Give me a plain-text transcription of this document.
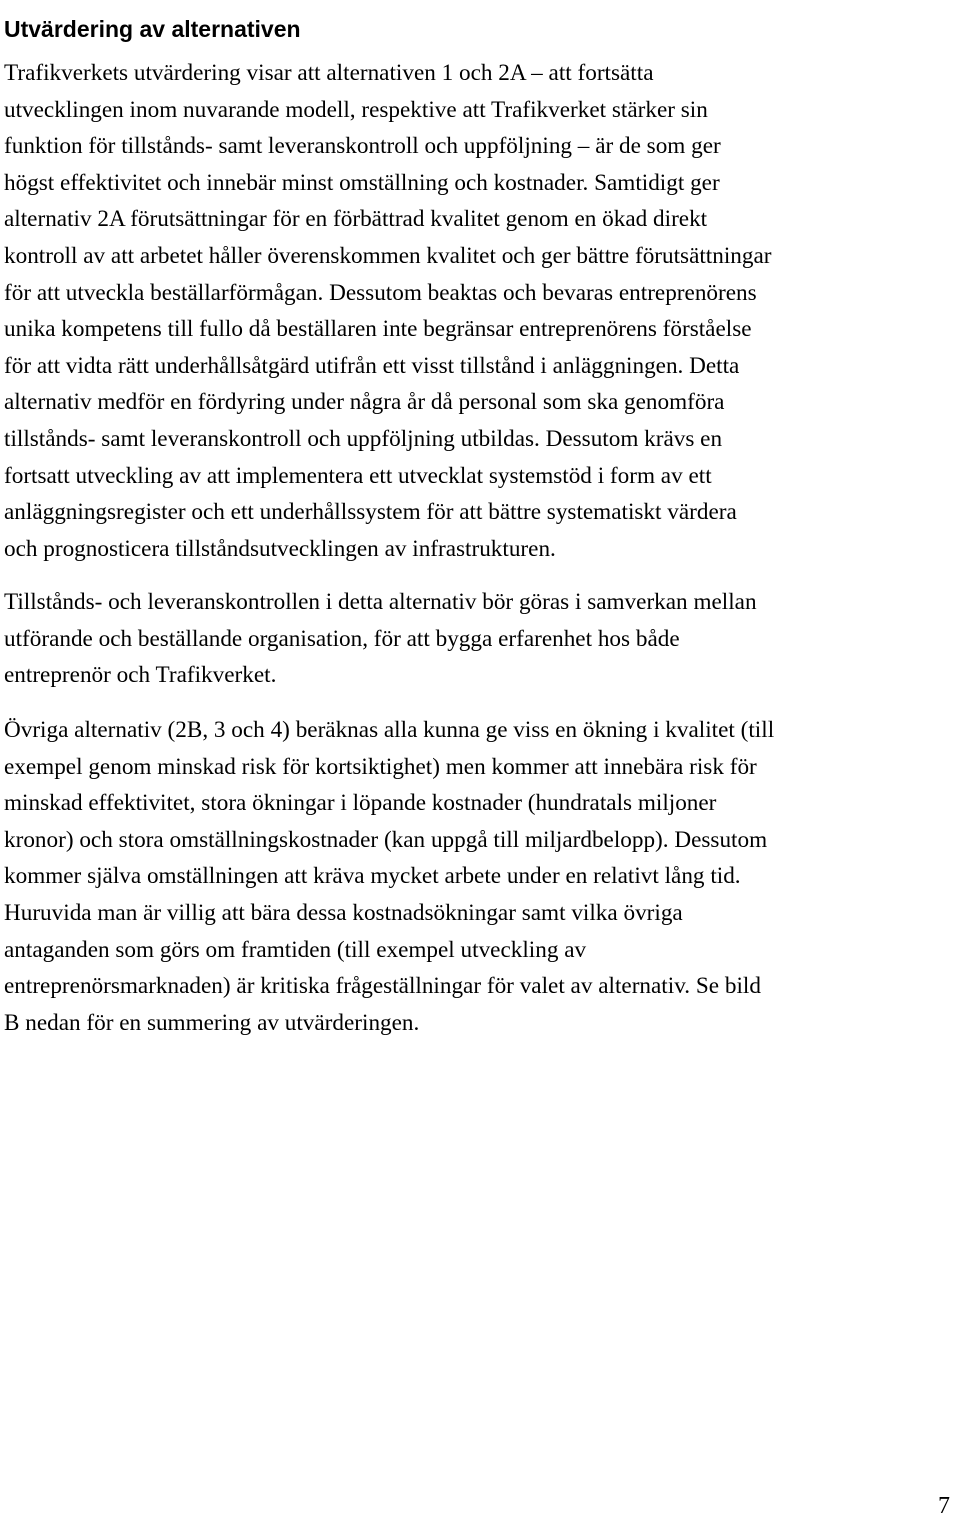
Utvärdering av alternativen
Trafikverkets utvärdering visar att alternativen 1 och 2A – att fortsätta
utvecklingen inom nuvarande modell, respektive att Trafikverket stärker sin
funktion för tillstånds- samt leveranskontroll och uppföljning – är de som ger
högst effektivitet och innebär minst omställning och kostnader. Samtidigt ger
alternativ 2A förutsättningar för en förbättrad kvalitet genom en ökad direkt
kontroll av att arbetet håller överenskommen kvalitet och ger bättre förutsättningar
för att utveckla beställarförmågan. Dessutom beaktas och bevaras entreprenörens
unika kompetens till fullo då beställaren inte begränsar entreprenörens förståelse
för att vidta rätt underhållsåtgärd utifrån ett visst tillstånd i anläggningen. Detta
alternativ medför en fördyring under några år då personal som ska genomföra
tillstånds- samt leveranskontroll och uppföljning utbildas. Dessutom krävs en
fortsatt utveckling av att implementera ett utvecklat systemstöd i form av ett
anläggningsregister och ett underhållssystem för att bättre systematiskt värdera
och prognosticera tillståndsutvecklingen av infrastrukturen.
Tillstånds- och leveranskontrollen i detta alternativ bör göras i samverkan mellan
utförande och beställande organisation, för att bygga erfarenhet hos både
entreprenör och Trafikverket.
Övriga alternativ (2B, 3 och 4) beräknas alla kunna ge viss en ökning i kvalitet (till
exempel genom minskad risk för kortsiktighet) men kommer att innebära risk för
minskad effektivitet, stora ökningar i löpande kostnader (hundratals miljoner
kronor) och stora omställningskostnader (kan uppgå till miljardbelopp). Dessutom
kommer själva omställningen att kräva mycket arbete under en relativt lång tid.
Huruvida man är villig att bära dessa kostnadsökningar samt vilka övriga
antaganden som görs om framtiden (till exempel utveckling av
entreprenörsmarknaden) är kritiska frågeställningar för valet av alternativ. Se bild
B nedan för en summering av utvärderingen.
7
